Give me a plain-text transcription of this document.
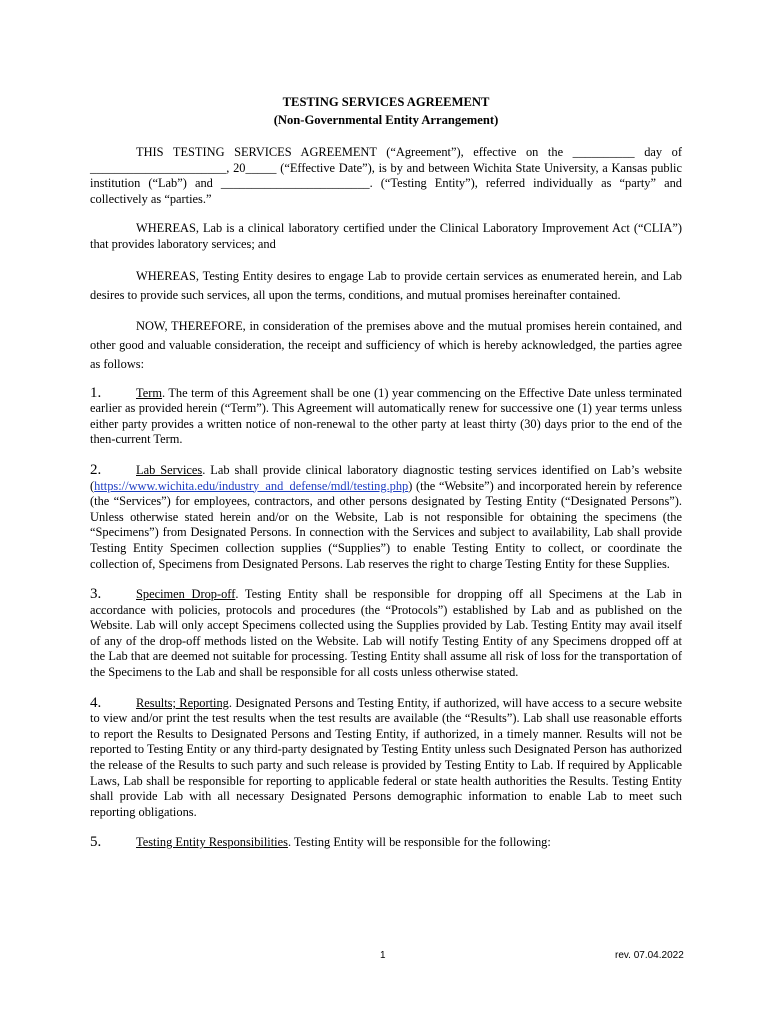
TESTING SERVICES AGREEMENT

(Non-Governmental Entity Arrangement)

THIS TESTING SERVICES AGREEMENT (“Agreement”), effective on the __________ day of ______________________, 20_____ (“Effective Date”), is by and between Wichita State University, a Kansas public institution (“Lab”) and ________________________. (“Testing Entity”), referred individually as “party” and collectively as “parties.”

WHEREAS, Lab is a clinical laboratory certified under the Clinical Laboratory Improvement Act (“CLIA”) that provides laboratory services; and

WHEREAS, Testing Entity desires to engage Lab to provide certain services as enumerated herein, and Lab desires to provide such services, all upon the terms, conditions, and mutual promises hereinafter contained.

NOW, THEREFORE, in consideration of the premises above and the mutual promises herein contained, and other good and valuable consideration, the receipt and sufficiency of which is hereby acknowledged, the parties agree as follows:

1.	Term. The term of this Agreement shall be one (1) year commencing on the Effective Date unless terminated earlier as provided herein (“Term”). This Agreement will automatically renew for successive one (1) year terms unless either party provides a written notice of non-renewal to the other party at least thirty (30) days prior to the end of the then-current Term.

2.	Lab Services. Lab shall provide clinical laboratory diagnostic testing services identified on Lab’s website (https://www.wichita.edu/industry_and_defense/mdl/testing.php) (the “Website”) and incorporated herein by reference (the “Services”) for employees, contractors, and other persons designated by Testing Entity (“Designated Persons”). Unless otherwise stated herein and/or on the Website, Lab is not responsible for obtaining the specimens (the “Specimens”) from Designated Persons. In connection with the Services and subject to availability, Lab shall provide Testing Entity Specimen collection supplies (“Supplies”) to enable Testing Entity to collect, or coordinate the collection of, Specimens from Designated Persons. Lab reserves the right to charge Testing Entity for these Supplies.

3.	Specimen Drop-off. Testing Entity shall be responsible for dropping off all Specimens at the Lab in accordance with policies, protocols and procedures (the “Protocols”) established by Lab and as published on the Website. Lab will only accept Specimens collected using the Supplies provided by Lab. Testing Entity may avail itself of any of the drop-off methods listed on the Website. Lab will notify Testing Entity of any Specimens dropped off at the Lab that are deemed not suitable for processing. Testing Entity shall assume all risk of loss for the transportation of the Specimens to the Lab and shall be responsible for all costs unless otherwise stated.

4.	Results; Reporting. Designated Persons and Testing Entity, if authorized, will have access to a secure website to view and/or print the test results when the test results are available (the “Results”). Lab shall use reasonable efforts to report the Results to Designated Persons and Testing Entity, if authorized, in a timely manner. Results will not be reported to Testing Entity or any third-party designated by Testing Entity unless such Designated Person has authorized the release of the Results to such party and such release is provided by Testing Entity to Lab. If required by Applicable Laws, Lab shall be responsible for reporting to applicable federal or state health authorities the Results. Testing Entity shall provide Lab with all necessary Designated Persons demographic information to enable Lab to meet such reporting obligations.

5.	Testing Entity Responsibilities. Testing Entity will be responsible for the following:

1	rev. 07.04.2022
